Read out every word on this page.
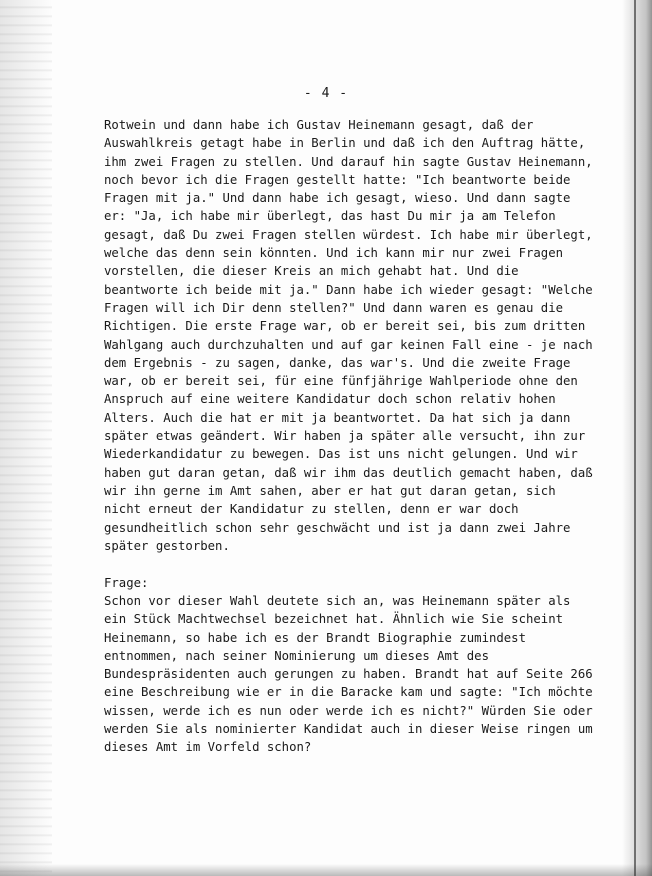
- 4 -
Rotwein und dann habe ich Gustav Heinemann gesagt, daß der
Auswahlkreis getagt habe in Berlin und daß ich den Auftrag hätte,
ihm zwei Fragen zu stellen. Und darauf hin sagte Gustav Heinemann,
noch bevor ich die Fragen gestellt hatte: "Ich beantworte beide
Fragen mit ja." Und dann habe ich gesagt, wieso. Und dann sagte
er: "Ja, ich habe mir überlegt, das hast Du mir ja am Telefon
gesagt, daß Du zwei Fragen stellen würdest. Ich habe mir überlegt,
welche das denn sein könnten. Und ich kann mir nur zwei Fragen
vorstellen, die dieser Kreis an mich gehabt hat. Und die
beantworte ich beide mit ja." Dann habe ich wieder gesagt: "Welche
Fragen will ich Dir denn stellen?" Und dann waren es genau die
Richtigen. Die erste Frage war, ob er bereit sei, bis zum dritten
Wahlgang auch durchzuhalten und auf gar keinen Fall eine - je nach
dem Ergebnis - zu sagen, danke, das war's. Und die zweite Frage
war, ob er bereit sei, für eine fünfjährige Wahlperiode ohne den
Anspruch auf eine weitere Kandidatur doch schon relativ hohen
Alters. Auch die hat er mit ja beantwortet. Da hat sich ja dann
später etwas geändert. Wir haben ja später alle versucht, ihn zur
Wiederkandidatur zu bewegen. Das ist uns nicht gelungen. Und wir
haben gut daran getan, daß wir ihm das deutlich gemacht haben, daß
wir ihn gerne im Amt sahen, aber er hat gut daran getan, sich
nicht erneut der Kandidatur zu stellen, denn er war doch
gesundheitlich schon sehr geschwächt und ist ja dann zwei Jahre
später gestorben.
Frage:
Schon vor dieser Wahl deutete sich an, was Heinemann später als
ein Stück Machtwechsel bezeichnet hat. Ähnlich wie Sie scheint
Heinemann, so habe ich es der Brandt Biographie zumindest
entnommen, nach seiner Nominierung um dieses Amt des
Bundespräsidenten auch gerungen zu haben. Brandt hat auf Seite 266
eine Beschreibung wie er in die Baracke kam und sagte: "Ich möchte
wissen, werde ich es nun oder werde ich es nicht?" Würden Sie oder
werden Sie als nominierter Kandidat auch in dieser Weise ringen um
dieses Amt im Vorfeld schon?
